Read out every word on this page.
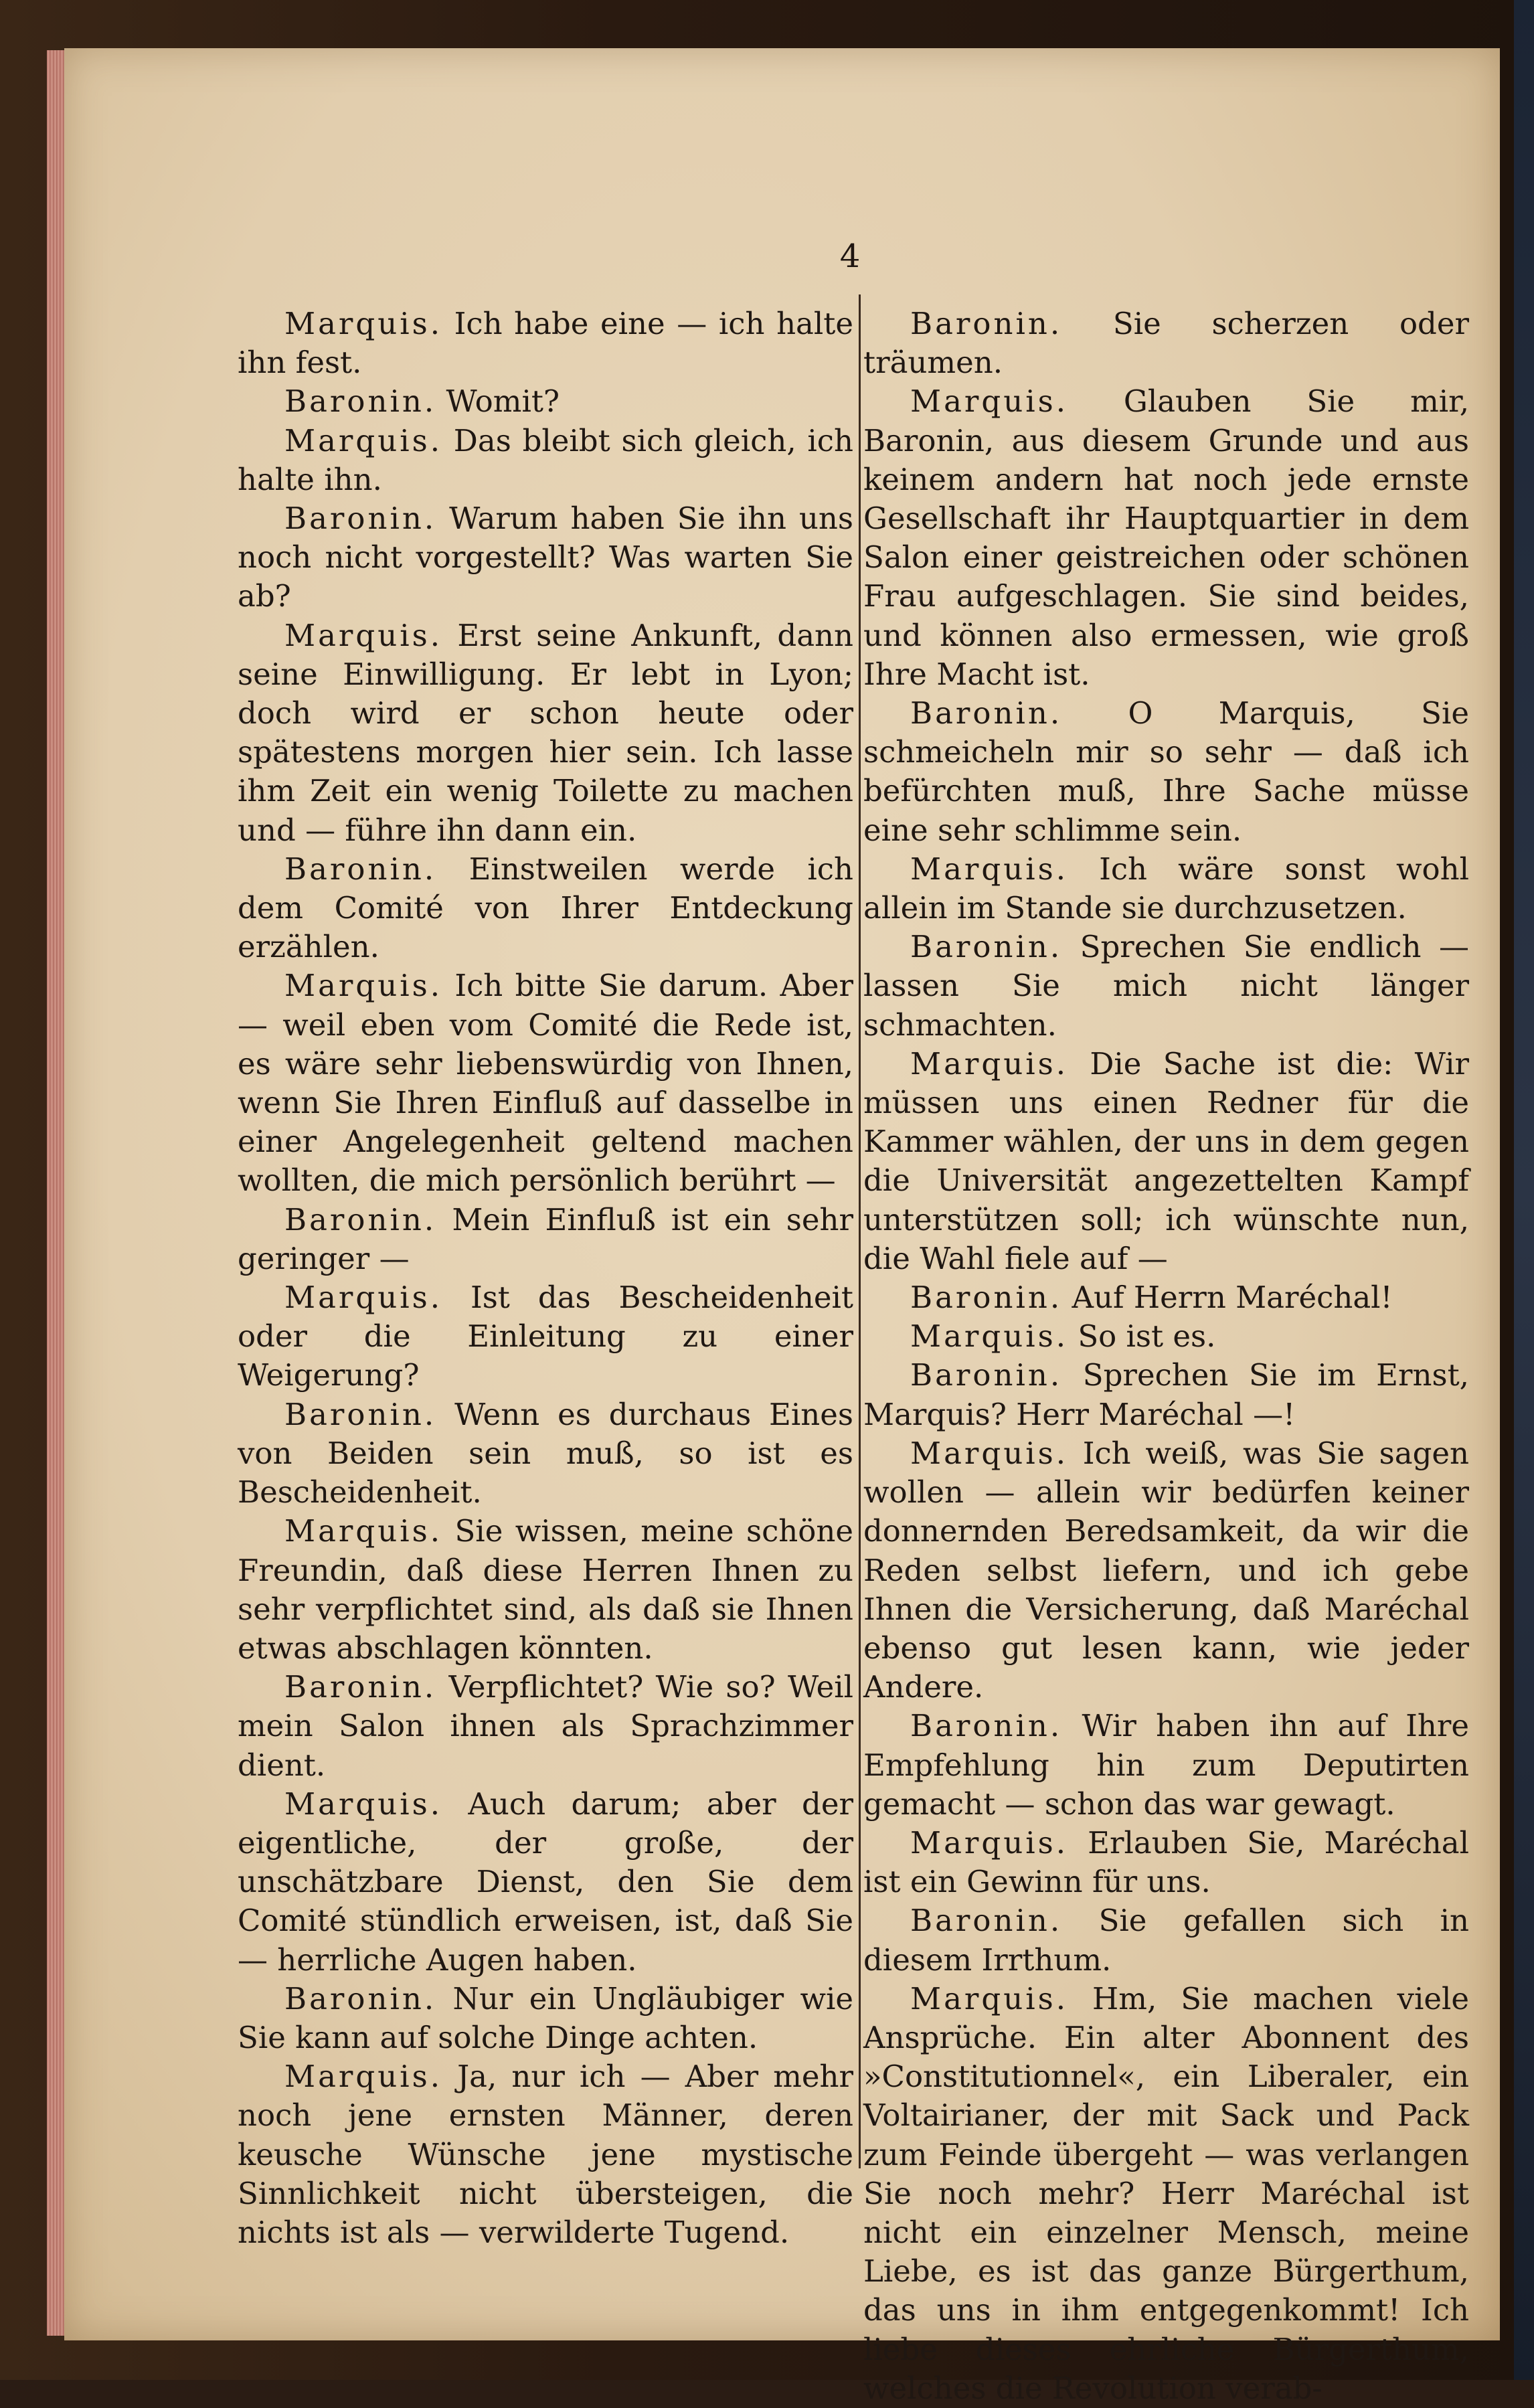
4

Marquis. Ich habe eine — ich halte ihn fest.

Baronin. Womit?

Marquis. Das bleibt sich gleich, ich halte ihn.

Baronin. Warum haben Sie ihn uns noch nicht vorgestellt? Was warten Sie ab?

Marquis. Erst seine Ankunft, dann seine Einwilligung. Er lebt in Lyon; doch wird er schon heute oder spätestens morgen hier sein. Ich lasse ihm Zeit ein wenig Toilette zu machen und — führe ihn dann ein.

Baronin. Einstweilen werde ich dem Comité von Ihrer Entdeckung erzählen.

Marquis. Ich bitte Sie darum. Aber — weil eben vom Comité die Rede ist, es wäre sehr liebenswürdig von Ihnen, wenn Sie Ihren Einfluß auf dasselbe in einer Angelegenheit geltend machen wollten, die mich persönlich berührt —

Baronin. Mein Einfluß ist ein sehr geringer —

Marquis. Ist das Bescheidenheit oder die Einleitung zu einer Weigerung?

Baronin. Wenn es durchaus Eines von Beiden sein muß, so ist es Bescheidenheit.

Marquis. Sie wissen, meine schöne Freundin, daß diese Herren Ihnen zu sehr verpflichtet sind, als daß sie Ihnen etwas abschlagen könnten.

Baronin. Verpflichtet? Wie so? Weil mein Salon ihnen als Sprachzimmer dient.

Marquis. Auch darum; aber der eigentliche, der große, der unschätzbare Dienst, den Sie dem Comité stündlich erweisen, ist, daß Sie — herrliche Augen haben.

Baronin. Nur ein Ungläubiger wie Sie kann auf solche Dinge achten.

Marquis. Ja, nur ich — Aber mehr noch jene ernsten Männer, deren keusche Wünsche jene mystische Sinnlichkeit nicht übersteigen, die nichts ist als — verwilderte Tugend.

Baronin. Sie scherzen oder träumen.

Marquis. Glauben Sie mir, Baronin, aus diesem Grunde und aus keinem andern hat noch jede ernste Gesellschaft ihr Hauptquartier in dem Salon einer geistreichen oder schönen Frau aufgeschlagen. Sie sind beides, und können also ermessen, wie groß Ihre Macht ist.

Baronin. O Marquis, Sie schmeicheln mir so sehr — daß ich befürchten muß, Ihre Sache müsse eine sehr schlimme sein.

Marquis. Ich wäre sonst wohl allein im Stande sie durchzusetzen.

Baronin. Sprechen Sie endlich — lassen Sie mich nicht länger schmachten.

Marquis. Die Sache ist die: Wir müssen uns einen Redner für die Kammer wählen, der uns in dem gegen die Universität angezettelten Kampf unterstützen soll; ich wünschte nun, die Wahl fiele auf —

Baronin. Auf Herrn Maréchal!

Marquis. So ist es.

Baronin. Sprechen Sie im Ernst, Marquis? Herr Maréchal —!

Marquis. Ich weiß, was Sie sagen wollen — allein wir bedürfen keiner donnernden Beredsamkeit, da wir die Reden selbst liefern, und ich gebe Ihnen die Versicherung, daß Maréchal ebenso gut lesen kann, wie jeder Andere.

Baronin. Wir haben ihn auf Ihre Empfehlung hin zum Deputirten gemacht — schon das war gewagt.

Marquis. Erlauben Sie, Maréchal ist ein Gewinn für uns.

Baronin. Sie gefallen sich in diesem Irrthum.

Marquis. Hm, Sie machen viele Ansprüche. Ein alter Abonnent des »Constitutionnel«, ein Liberaler, ein Voltairianer, der mit Sack und Pack zum Feinde übergeht — was verlangen Sie noch mehr? Herr Maréchal ist nicht ein einzelner Mensch, meine Liebe, es ist das ganze Bürgerthum, das uns in ihm entgegenkommt! Ich liebe dieses ehrliche Bürgerthum, welches die Revolution verab-
